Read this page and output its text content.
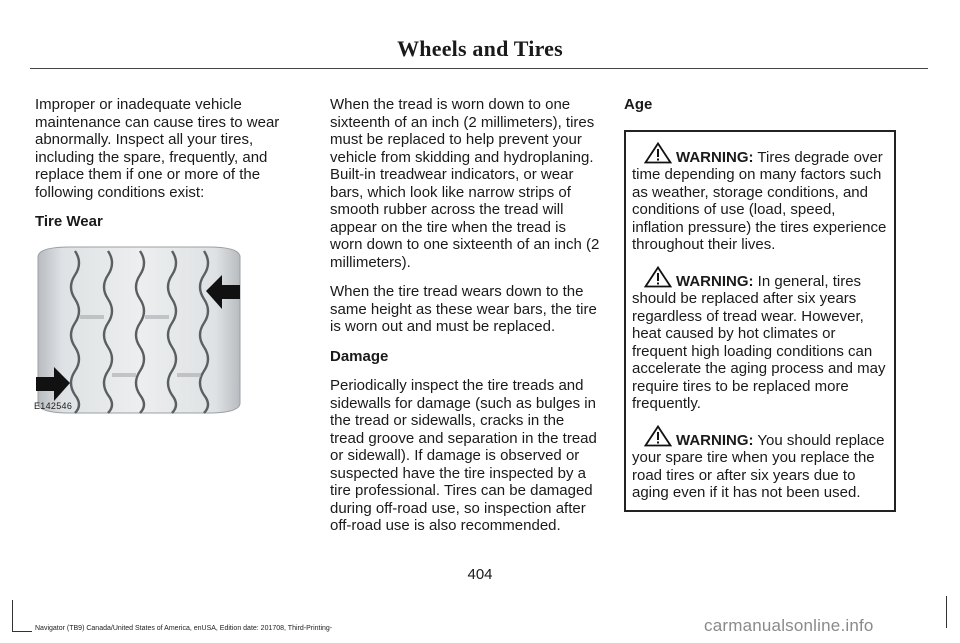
Wheels and Tires

Improper or inadequate vehicle maintenance can cause tires to wear abnormally. Inspect all your tires, including the spare, frequently, and replace them if one or more of the following conditions exist:

Tire Wear
E142546

When the tread is worn down to one sixteenth of an inch (2 millimeters), tires must be replaced to help prevent your vehicle from skidding and hydroplaning. Built-in treadwear indicators, or wear bars, which look like narrow strips of smooth rubber across the tread will appear on the tire when the tread is worn down to one sixteenth of an inch (2 millimeters).

When the tire tread wears down to the same height as these wear bars, the tire is worn out and must be replaced.

Damage

Periodically inspect the tire treads and sidewalls for damage (such as bulges in the tread or sidewalls, cracks in the tread groove and separation in the tread or sidewall). If damage is observed or suspected have the tire inspected by a tire professional. Tires can be damaged during off-road use, so inspection after off-road use is also recommended.

Age

WARNING: Tires degrade over time depending on many factors such as weather, storage conditions, and conditions of use (load, speed, inflation pressure) the tires experience throughout their lives.

WARNING: In general, tires should be replaced after six years regardless of tread wear. However, heat caused by hot climates or frequent high loading conditions can accelerate the aging process and may require tires to be replaced more frequently.

WARNING: You should replace your spare tire when you replace the road tires or after six years due to aging even if it has not been used.

404
Navigator (TB9) Canada/United States of America, enUSA, Edition date: 201708, Third-Printing-	carmanualsonline.info
